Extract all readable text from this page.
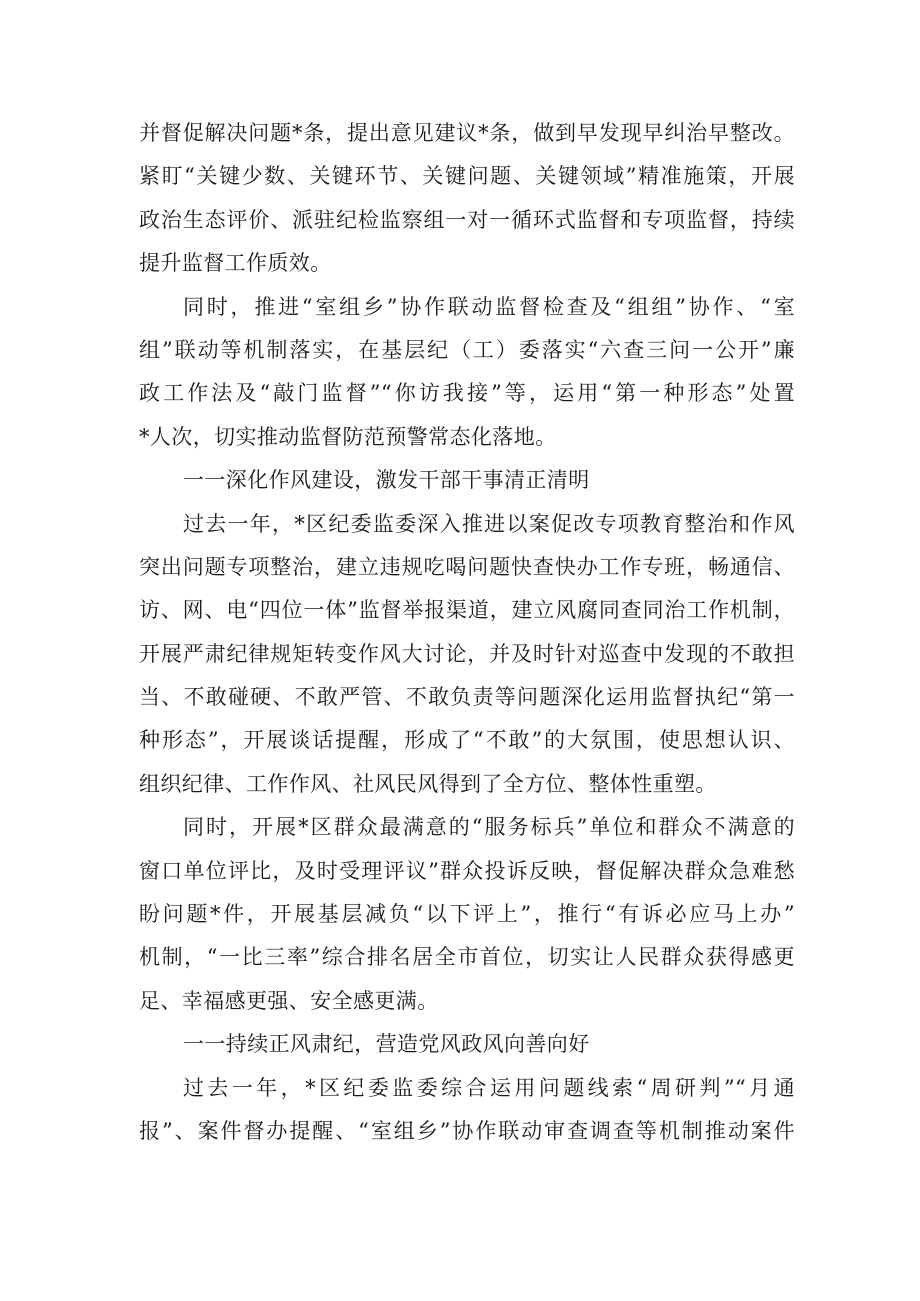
并督促解决问题*条，提出意见建议*条，做到早发现早纠治早整改。
紧盯“关键少数、关键环节、关键问题、关键领域”精准施策，开展
政治生态评价、派驻纪检监察组一对一循环式监督和专项监督，持续
提升监督工作质效。
同时，推进“室组乡”协作联动监督检查及“组组”协作、“室
组”联动等机制落实，在基层纪（工）委落实“六查三问一公开”廉
政工作法及“敲门监督”“你访我接”等，运用“第一种形态”处置
*人次，切实推动监督防范预警常态化落地。
一一深化作风建设，激发干部干事清正清明
过去一年，*区纪委监委深入推进以案促改专项教育整治和作风
突出问题专项整治，建立违规吃喝问题快查快办工作专班，畅通信、
访、网、电“四位一体”监督举报渠道，建立风腐同查同治工作机制，
开展严肃纪律规矩转变作风大讨论，并及时针对巡查中发现的不敢担
当、不敢碰硬、不敢严管、不敢负责等问题深化运用监督执纪“第一
种形态”，开展谈话提醒，形成了“不敢”的大氛围，使思想认识、
组织纪律、工作作风、社风民风得到了全方位、整体性重塑。
同时，开展*区群众最满意的“服务标兵”单位和群众不满意的
窗口单位评比，及时受理评议”群众投诉反映，督促解决群众急难愁
盼问题*件，开展基层减负“以下评上”，推行“有诉必应马上办”
机制，“一比三率”综合排名居全市首位，切实让人民群众获得感更
足、幸福感更强、安全感更满。
一一持续正风肃纪，营造党风政风向善向好
过去一年，*区纪委监委综合运用问题线索“周研判”“月通
报”、案件督办提醒、“室组乡”协作联动审查调查等机制推动案件
